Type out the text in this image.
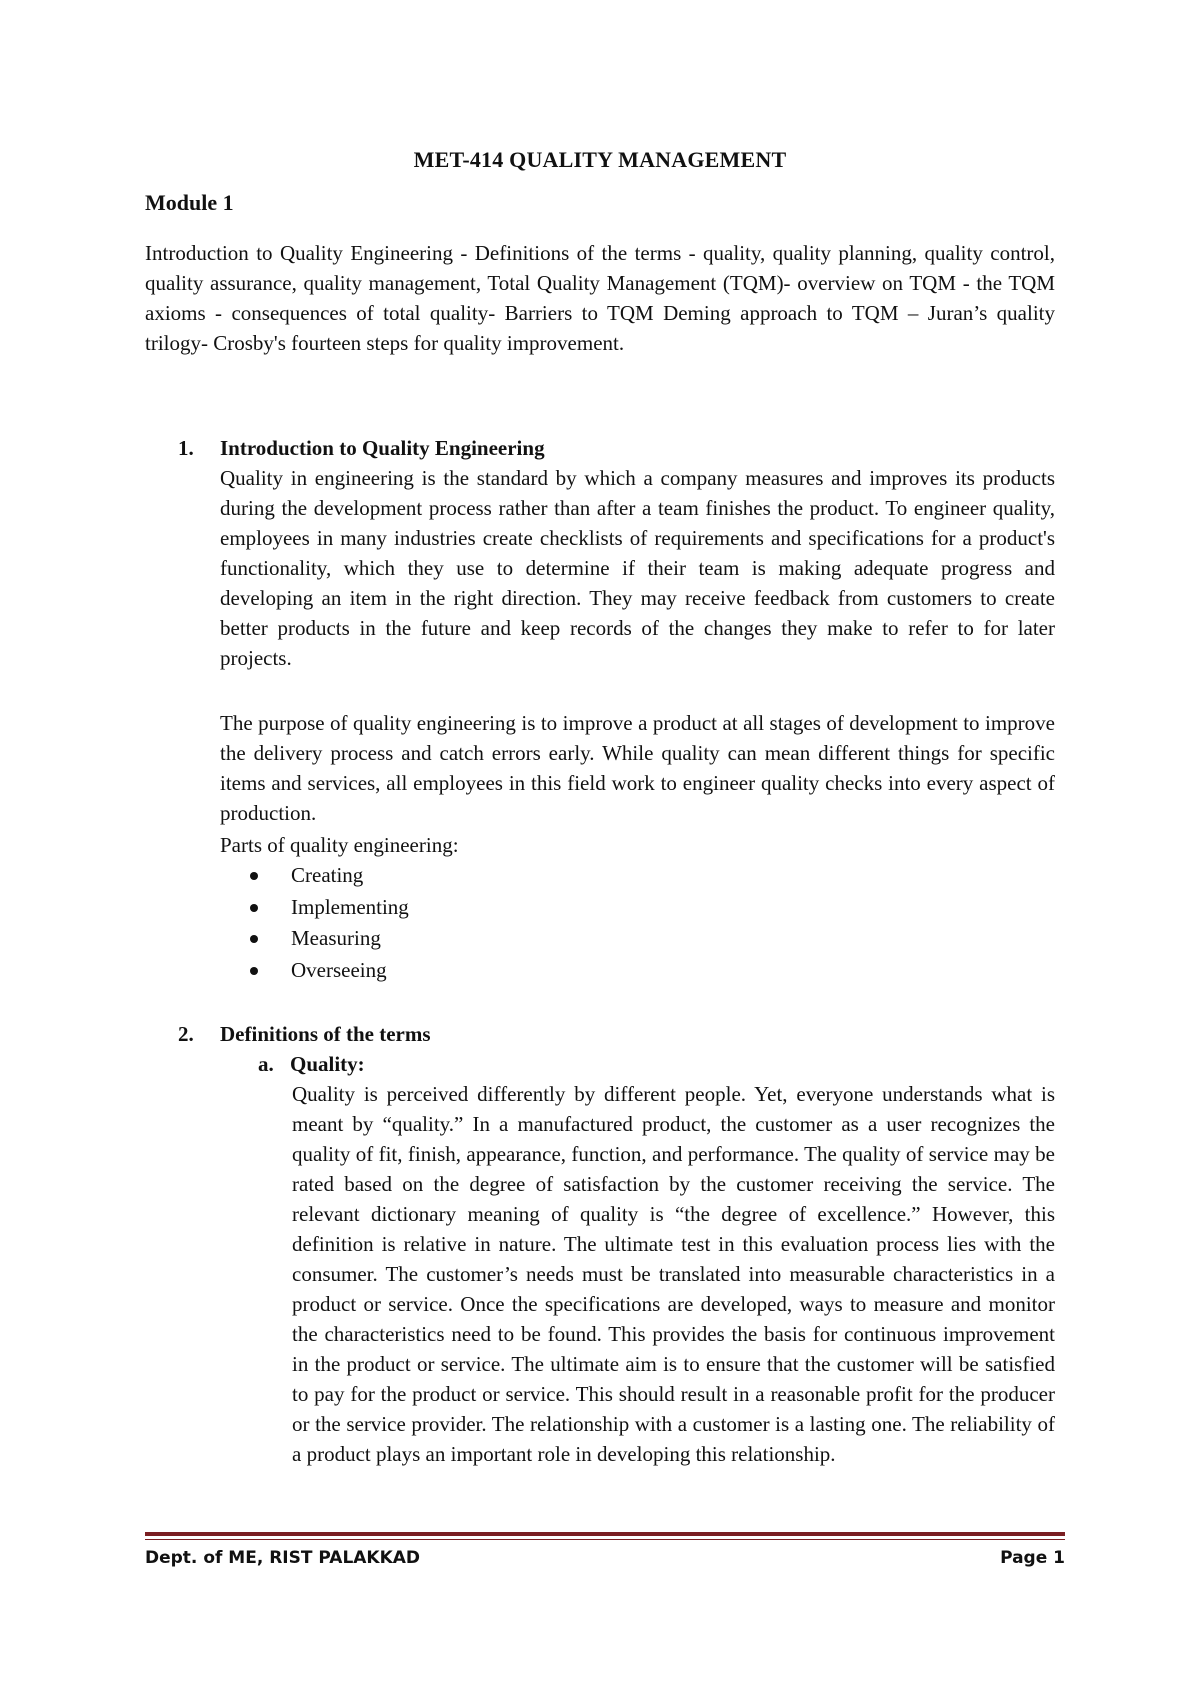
MET-414 QUALITY MANAGEMENT
Module 1
Introduction to Quality Engineering - Definitions of the terms - quality, quality planning, quality control, quality assurance, quality management, Total Quality Management (TQM)- overview on TQM - the TQM axioms - consequences of total quality- Barriers to TQM Deming approach to TQM – Juran’s quality trilogy- Crosby's fourteen steps for quality improvement.
1. Introduction to Quality Engineering
Quality in engineering is the standard by which a company measures and improves its products during the development process rather than after a team finishes the product. To engineer quality, employees in many industries create checklists of requirements and specifications for a product's functionality, which they use to determine if their team is making adequate progress and developing an item in the right direction. They may receive feedback from customers to create better products in the future and keep records of the changes they make to refer to for later projects.
The purpose of quality engineering is to improve a product at all stages of development to improve the delivery process and catch errors early. While quality can mean different things for specific items and services, all employees in this field work to engineer quality checks into every aspect of production.
Parts of quality engineering:
Creating
Implementing
Measuring
Overseeing
2. Definitions of the terms
a. Quality:
Quality is perceived differently by different people. Yet, everyone understands what is meant by “quality.” In a manufactured product, the customer as a user recognizes the quality of fit, finish, appearance, function, and performance. The quality of service may be rated based on the degree of satisfaction by the customer receiving the service. The relevant dictionary meaning of quality is “the degree of excellence.” However, this definition is relative in nature. The ultimate test in this evaluation process lies with the consumer. The customer’s needs must be translated into measurable characteristics in a product or service. Once the specifications are developed, ways to measure and monitor the characteristics need to be found. This provides the basis for continuous improvement in the product or service. The ultimate aim is to ensure that the customer will be satisfied to pay for the product or service. This should result in a reasonable profit for the producer or the service provider. The relationship with a customer is a lasting one. The reliability of a product plays an important role in developing this relationship.
Dept. of ME, RIST PALAKKAD	Page 1
